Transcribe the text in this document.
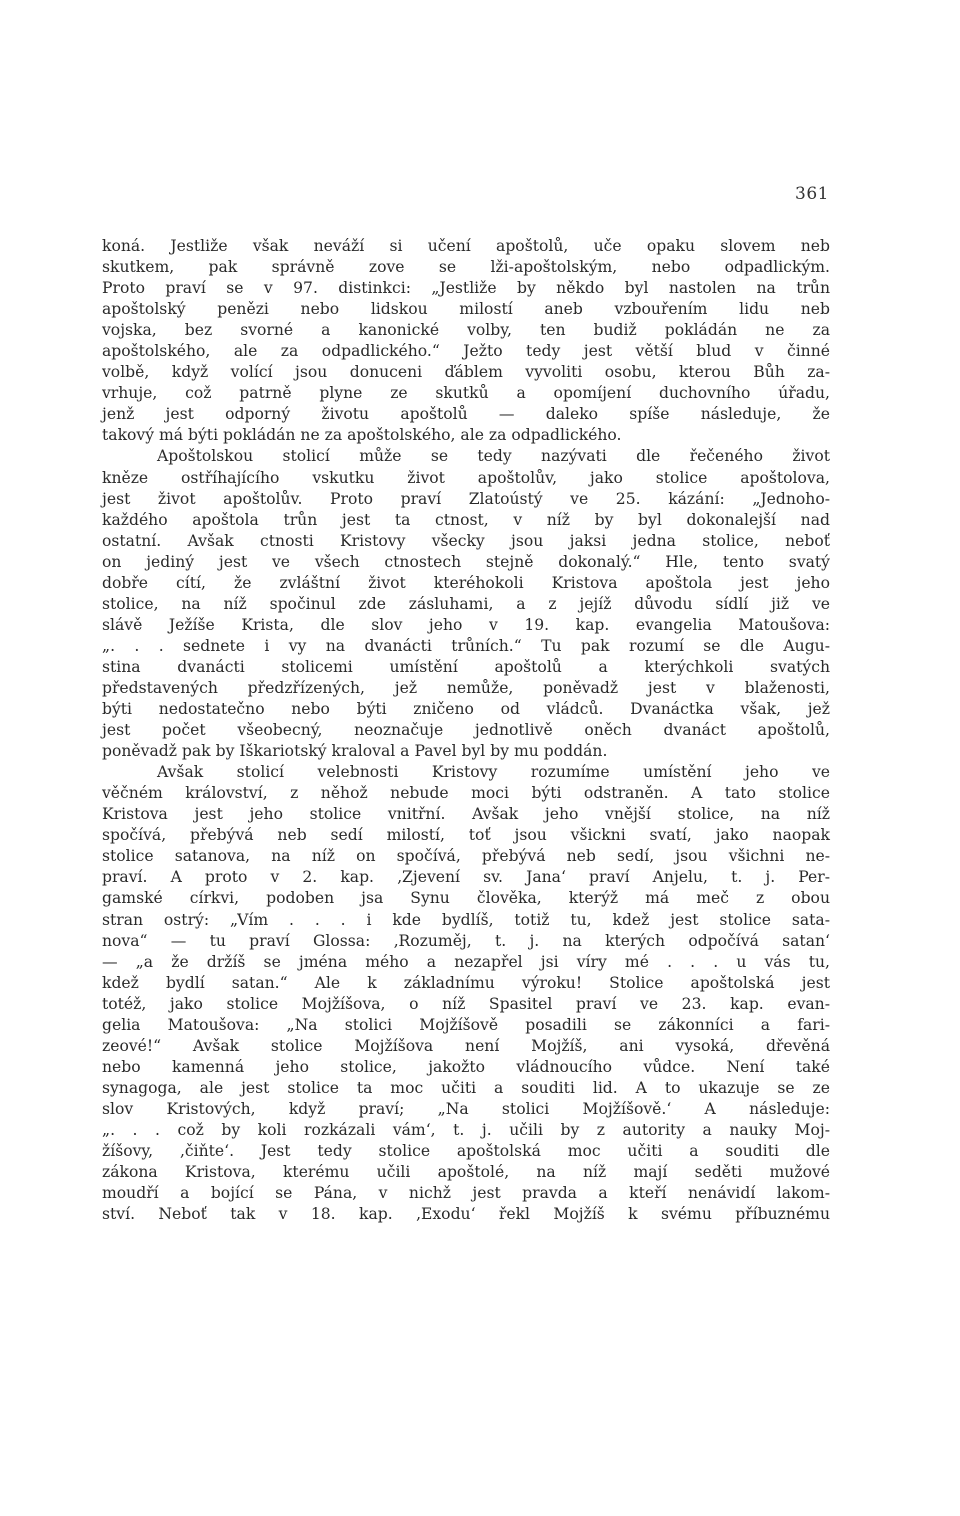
361
koná. Jestliže však neváží si učení apoštolů, uče opaku slovem neb
skutkem, pak správně zove se lži-apoštolským, nebo odpadlickým.
Proto praví se v 97. distinkci: „Jestliže by někdo byl nastolen na trůn
apoštolský penězi nebo lidskou milostí aneb vzbouřením lidu neb
vojska, bez svorné a kanonické volby, ten budiž pokládán ne za
apoštolského, ale za odpadlického.“ Ježto tedy jest větší blud v činné
volbě, když volící jsou donuceni ďáblem vyvoliti osobu, kterou Bůh za-
vrhuje, což patrně plyne ze skutků a opomíjení duchovního úřadu,
jenž jest odporný životu apoštolů — daleko spíše následuje, že
takový má býti pokládán ne za apoštolského, ale za odpadlického.
Apoštolskou stolicí může se tedy nazývati dle řečeného život
kněze ostříhajícího vskutku život apoštolův, jako stolice apoštolova,
jest život apoštolův. Proto praví Zlatoústý ve 25. kázání: „Jednoho-
každého apoštola trůn jest ta ctnost, v níž by byl dokonalejší nad
ostatní. Avšak ctnosti Kristovy všecky jsou jaksi jedna stolice, neboť
on jediný jest ve všech ctnostech stejně dokonalý.“ Hle, tento svatý
dobře cítí, že zvláštní život kteréhokoli Kristova apoštola jest jeho
stolice, na níž spočinul zde zásluhami, a z jejíž důvodu sídlí již ve
slávě Ježíše Krista, dle slov jeho v 19. kap. evangelia Matoušova:
„. . . sednete i vy na dvanácti trůních.“ Tu pak rozumí se dle Augu-
stina dvanácti stolicemi umístění apoštolů a kterýchkoli svatých
představených předzřízených, jež nemůže, poněvadž jest v blaženosti,
býti nedostatečno nebo býti zničeno od vládců. Dvanáctka však, jež
jest počet všeobecný, neoznačuje jednotlivě oněch dvanáct apoštolů,
poněvadž pak by Iškariotský kraloval a Pavel byl by mu poddán.
Avšak stolicí velebnosti Kristovy rozumíme umístění jeho ve
věčném království, z něhož nebude moci býti odstraněn. A tato stolice
Kristova jest jeho stolice vnitřní. Avšak jeho vnější stolice, na níž
spočívá, přebývá neb sedí milostí, toť jsou všickni svatí, jako naopak
stolice satanova, na níž on spočívá, přebývá neb sedí, jsou všichni ne-
praví. A proto v 2. kap. ‚Zjevení sv. Jana‘ praví Anjelu, t. j. Per-
gamské církvi, podoben jsa Synu člověka, kterýž má meč z obou
stran ostrý: „Vím . . . i kde bydlíš, totiž tu, kdež jest stolice sata-
nova“ — tu praví Glossa: ‚Rozuměj, t. j. na kterých odpočívá satan‘
— „a že držíš se jména mého a nezapřel jsi víry mé . . . u vás tu,
kdež bydlí satan.“ Ale k základnímu výroku! Stolice apoštolská jest
totéž, jako stolice Mojžíšova, o níž Spasitel praví ve 23. kap. evan-
gelia Matoušova: „Na stolici Mojžíšově posadili se zákonníci a fari-
zeové!“ Avšak stolice Mojžíšova není Mojžíš, ani vysoká, dřevěná
nebo kamenná jeho stolice, jakožto vládnoucího vůdce. Není také
synagoga, ale jest stolice ta moc učiti a souditi lid. A to ukazuje se ze
slov Kristových, když praví; „Na stolici Mojžíšově.‘ A následuje:
„. . . což by koli rozkázali vám‘, t. j. učili by z autority a nauky Moj-
žíšovy, ‚čiňte‘. Jest tedy stolice apoštolská moc učiti a souditi dle
zákona Kristova, kterému učili apoštolé, na níž mají seděti mužové
moudří a bojící se Pána, v nichž jest pravda a kteří nenávidí lakom-
ství. Neboť tak v 18. kap. ‚Exodu‘ řekl Mojžíš k svému příbuznému
